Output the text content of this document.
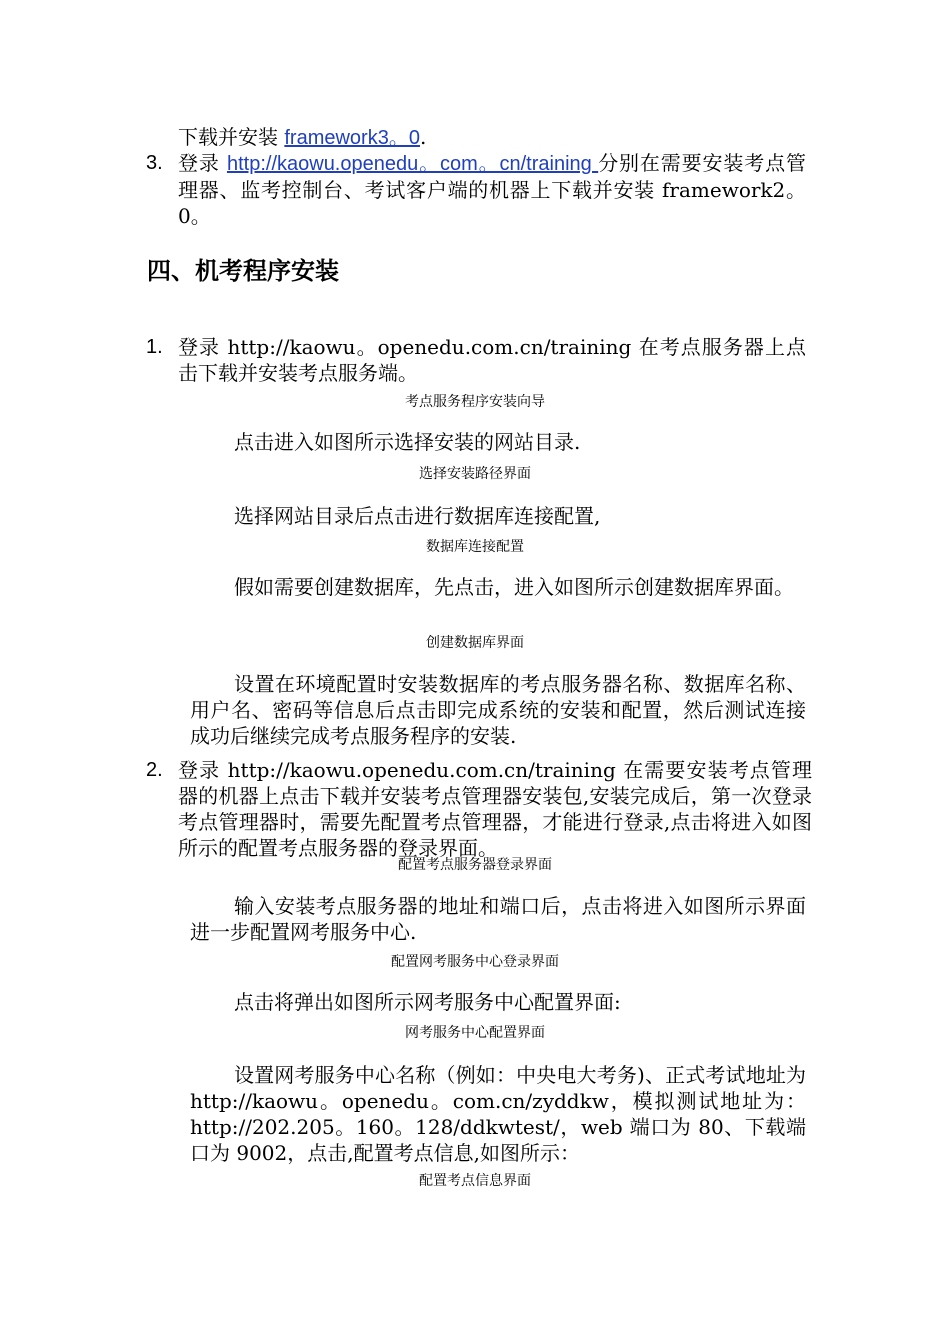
下载并安装 framework3。0.
3. 登录 http://kaowu.openedu。com。cn/training 分别在需要安装考点管理器、监考控制台、考试客户端的机器上下载并安装 framework2。0。
四、机考程序安装
1. 登录 http://kaowu。openedu.com.cn/training 在考点服务器上点击下载并安装考点服务端。
考点服务程序安装向导
点击进入如图所示选择安装的网站目录.
选择安装路径界面
选择网站目录后点击进行数据库连接配置,
数据库连接配置
假如需要创建数据库，先点击，进入如图所示创建数据库界面。
创建数据库界面
设置在环境配置时安装数据库的考点服务器名称、数据库名称、用户名、密码等信息后点击即完成系统的安装和配置，然后测试连接成功后继续完成考点服务程序的安装.
2. 登录 http://kaowu.openedu.com.cn/training 在需要安装考点管理器的机器上点击下载并安装考点管理器安装包,安装完成后，第一次登录考点管理器时，需要先配置考点管理器，才能进行登录,点击将进入如图所示的配置考点服务器的登录界面。
配置考点服务器登录界面
输入安装考点服务器的地址和端口后，点击将进入如图所示界面进一步配置网考服务中心.
配置网考服务中心登录界面
点击将弹出如图所示网考服务中心配置界面:
网考服务中心配置界面
设置网考服务中心名称（例如：中央电大考务)、正式考试地址为 http://kaowu。openedu。com.cn/zyddkw，模拟测试地址为：http://202.205。160。128/ddkwtest/，web 端口为 80、下载端口为 9002，点击,配置考点信息,如图所示：
配置考点信息界面
